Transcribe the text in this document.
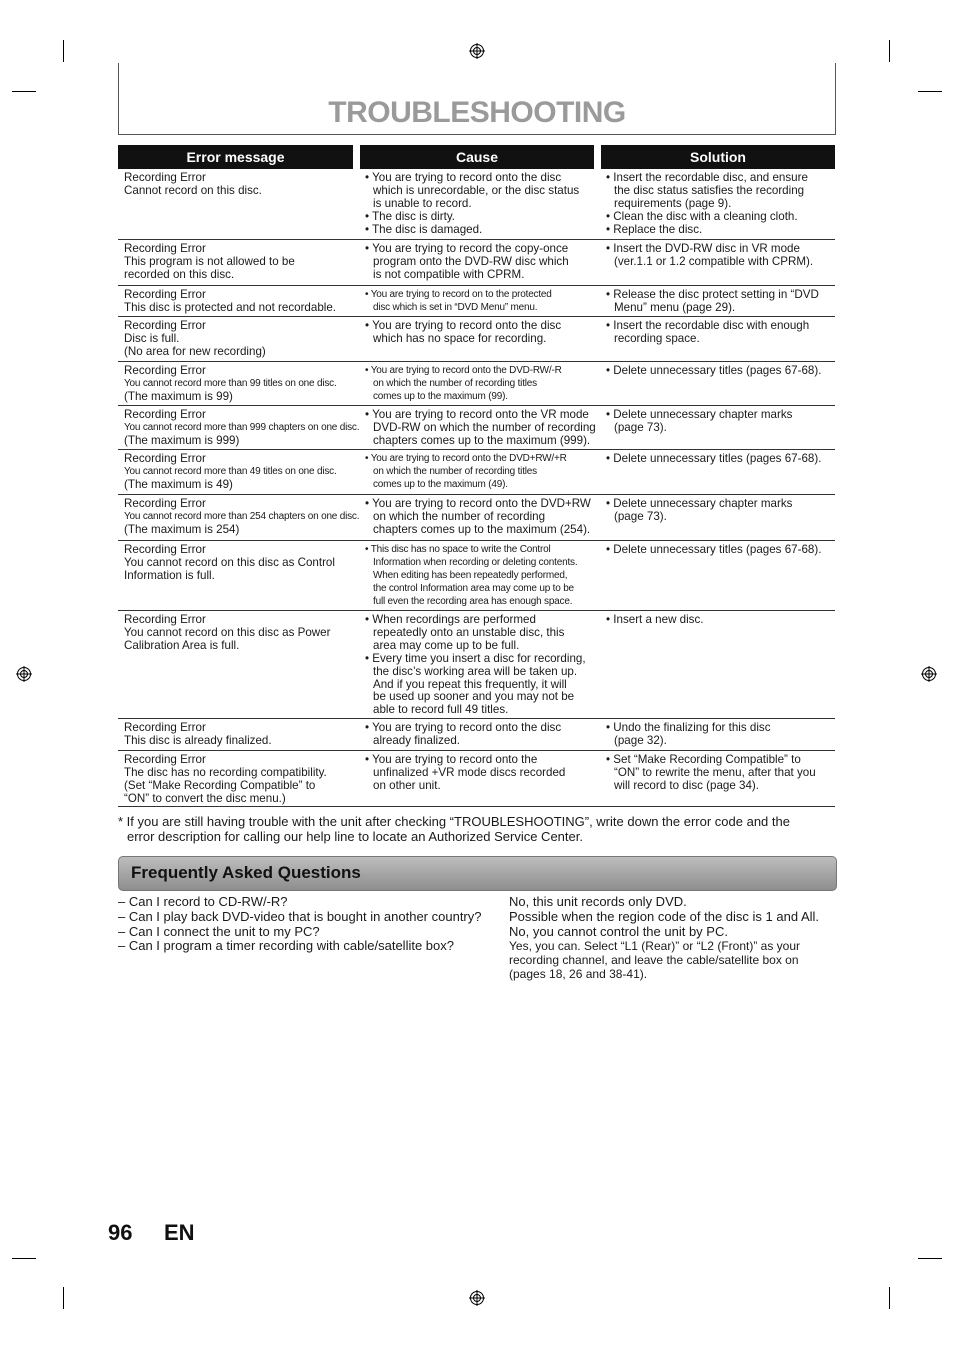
TROUBLESHOOTING
Error message	Cause	Solution
Recording Error
Cannot record on this disc.
• You are trying to record onto the disc
which is unrecordable, or the disc status
is unable to record.
• The disc is dirty.
• The disc is damaged.
• Insert the recordable disc, and ensure
the disc status satisfies the recording
requirements (page 9).
• Clean the disc with a cleaning cloth.
• Replace the disc.
Recording Error
This program is not allowed to be
recorded on this disc.
• You are trying to record the copy-once
program onto the DVD-RW disc which
is not compatible with CPRM.
• Insert the DVD-RW disc in VR mode
(ver.1.1 or 1.2 compatible with CPRM).
Recording Error
This disc is protected and not recordable.
• You are trying to record on to the protected
disc which is set in “DVD Menu” menu.
• Release the disc protect setting in “DVD
Menu” menu (page 29).
Recording Error
Disc is full.
(No area for new recording)
• You are trying to record onto the disc
which has no space for recording.
• Insert the recordable disc with enough
recording space.
Recording Error
You cannot record more than 99 titles on one disc.
(The maximum is 99)
• You are trying to record onto the DVD-RW/-R
on which the number of recording titles
comes up to the maximum (99).
• Delete unnecessary titles (pages 67-68).
Recording Error
You cannot record more than 999 chapters on one disc.
(The maximum is 999)
• You are trying to record onto the VR mode
DVD-RW on which the number of recording
chapters comes up to the maximum (999).
• Delete unnecessary chapter marks
(page 73).
Recording Error
You cannot record more than 49 titles on one disc.
(The maximum is 49)
• You are trying to record onto the DVD+RW/+R
on which the number of recording titles
comes up to the maximum (49).
• Delete unnecessary titles (pages 67-68).
Recording Error
You cannot record more than 254 chapters on one disc.
(The maximum is 254)
• You are trying to record onto the DVD+RW
on which the number of recording
chapters comes up to the maximum (254).
• Delete unnecessary chapter marks
(page 73).
Recording Error
You cannot record on this disc as Control
Information is full.
• This disc has no space to write the Control
Information when recording or deleting contents.
When editing has been repeatedly performed,
the control Information area may come up to be
full even the recording area has enough space.
• Delete unnecessary titles (pages 67-68).
Recording Error
You cannot record on this disc as Power
Calibration Area is full.
• When recordings are performed
repeatedly onto an unstable disc, this
area may come up to be full.
• Every time you insert a disc for recording,
the disc’s working area will be taken up.
And if you repeat this frequently, it will
be used up sooner and you may not be
able to record full 49 titles.
• Insert a new disc.
Recording Error
This disc is already finalized.
• You are trying to record onto the disc
already finalized.
• Undo the finalizing for this disc
(page 32).
Recording Error
The disc has no recording compatibility.
(Set “Make Recording Compatible” to
“ON” to convert the disc menu.)
• You are trying to record onto the
unfinalized +VR mode discs recorded
on other unit.
• Set “Make Recording Compatible” to
“ON” to rewrite the menu, after that you
will record to disc (page 34).
* If you are still having trouble with the unit after checking “TROUBLESHOOTING”, write down the error code and the
error description for calling our help line to locate an Authorized Service Center.
Frequently Asked Questions
– Can I record to CD-RW/-R?
– Can I play back DVD-video that is bought in another country?
– Can I connect the unit to my PC?
– Can I program a timer recording with cable/satellite box?
No, this unit records only DVD.
Possible when the region code of the disc is 1 and All.
No, you cannot control the unit by PC.
Yes, you can. Select “L1 (Rear)” or “L2 (Front)” as your
recording channel, and leave the cable/satellite box on
(pages 18, 26 and 38-41).
96 EN
